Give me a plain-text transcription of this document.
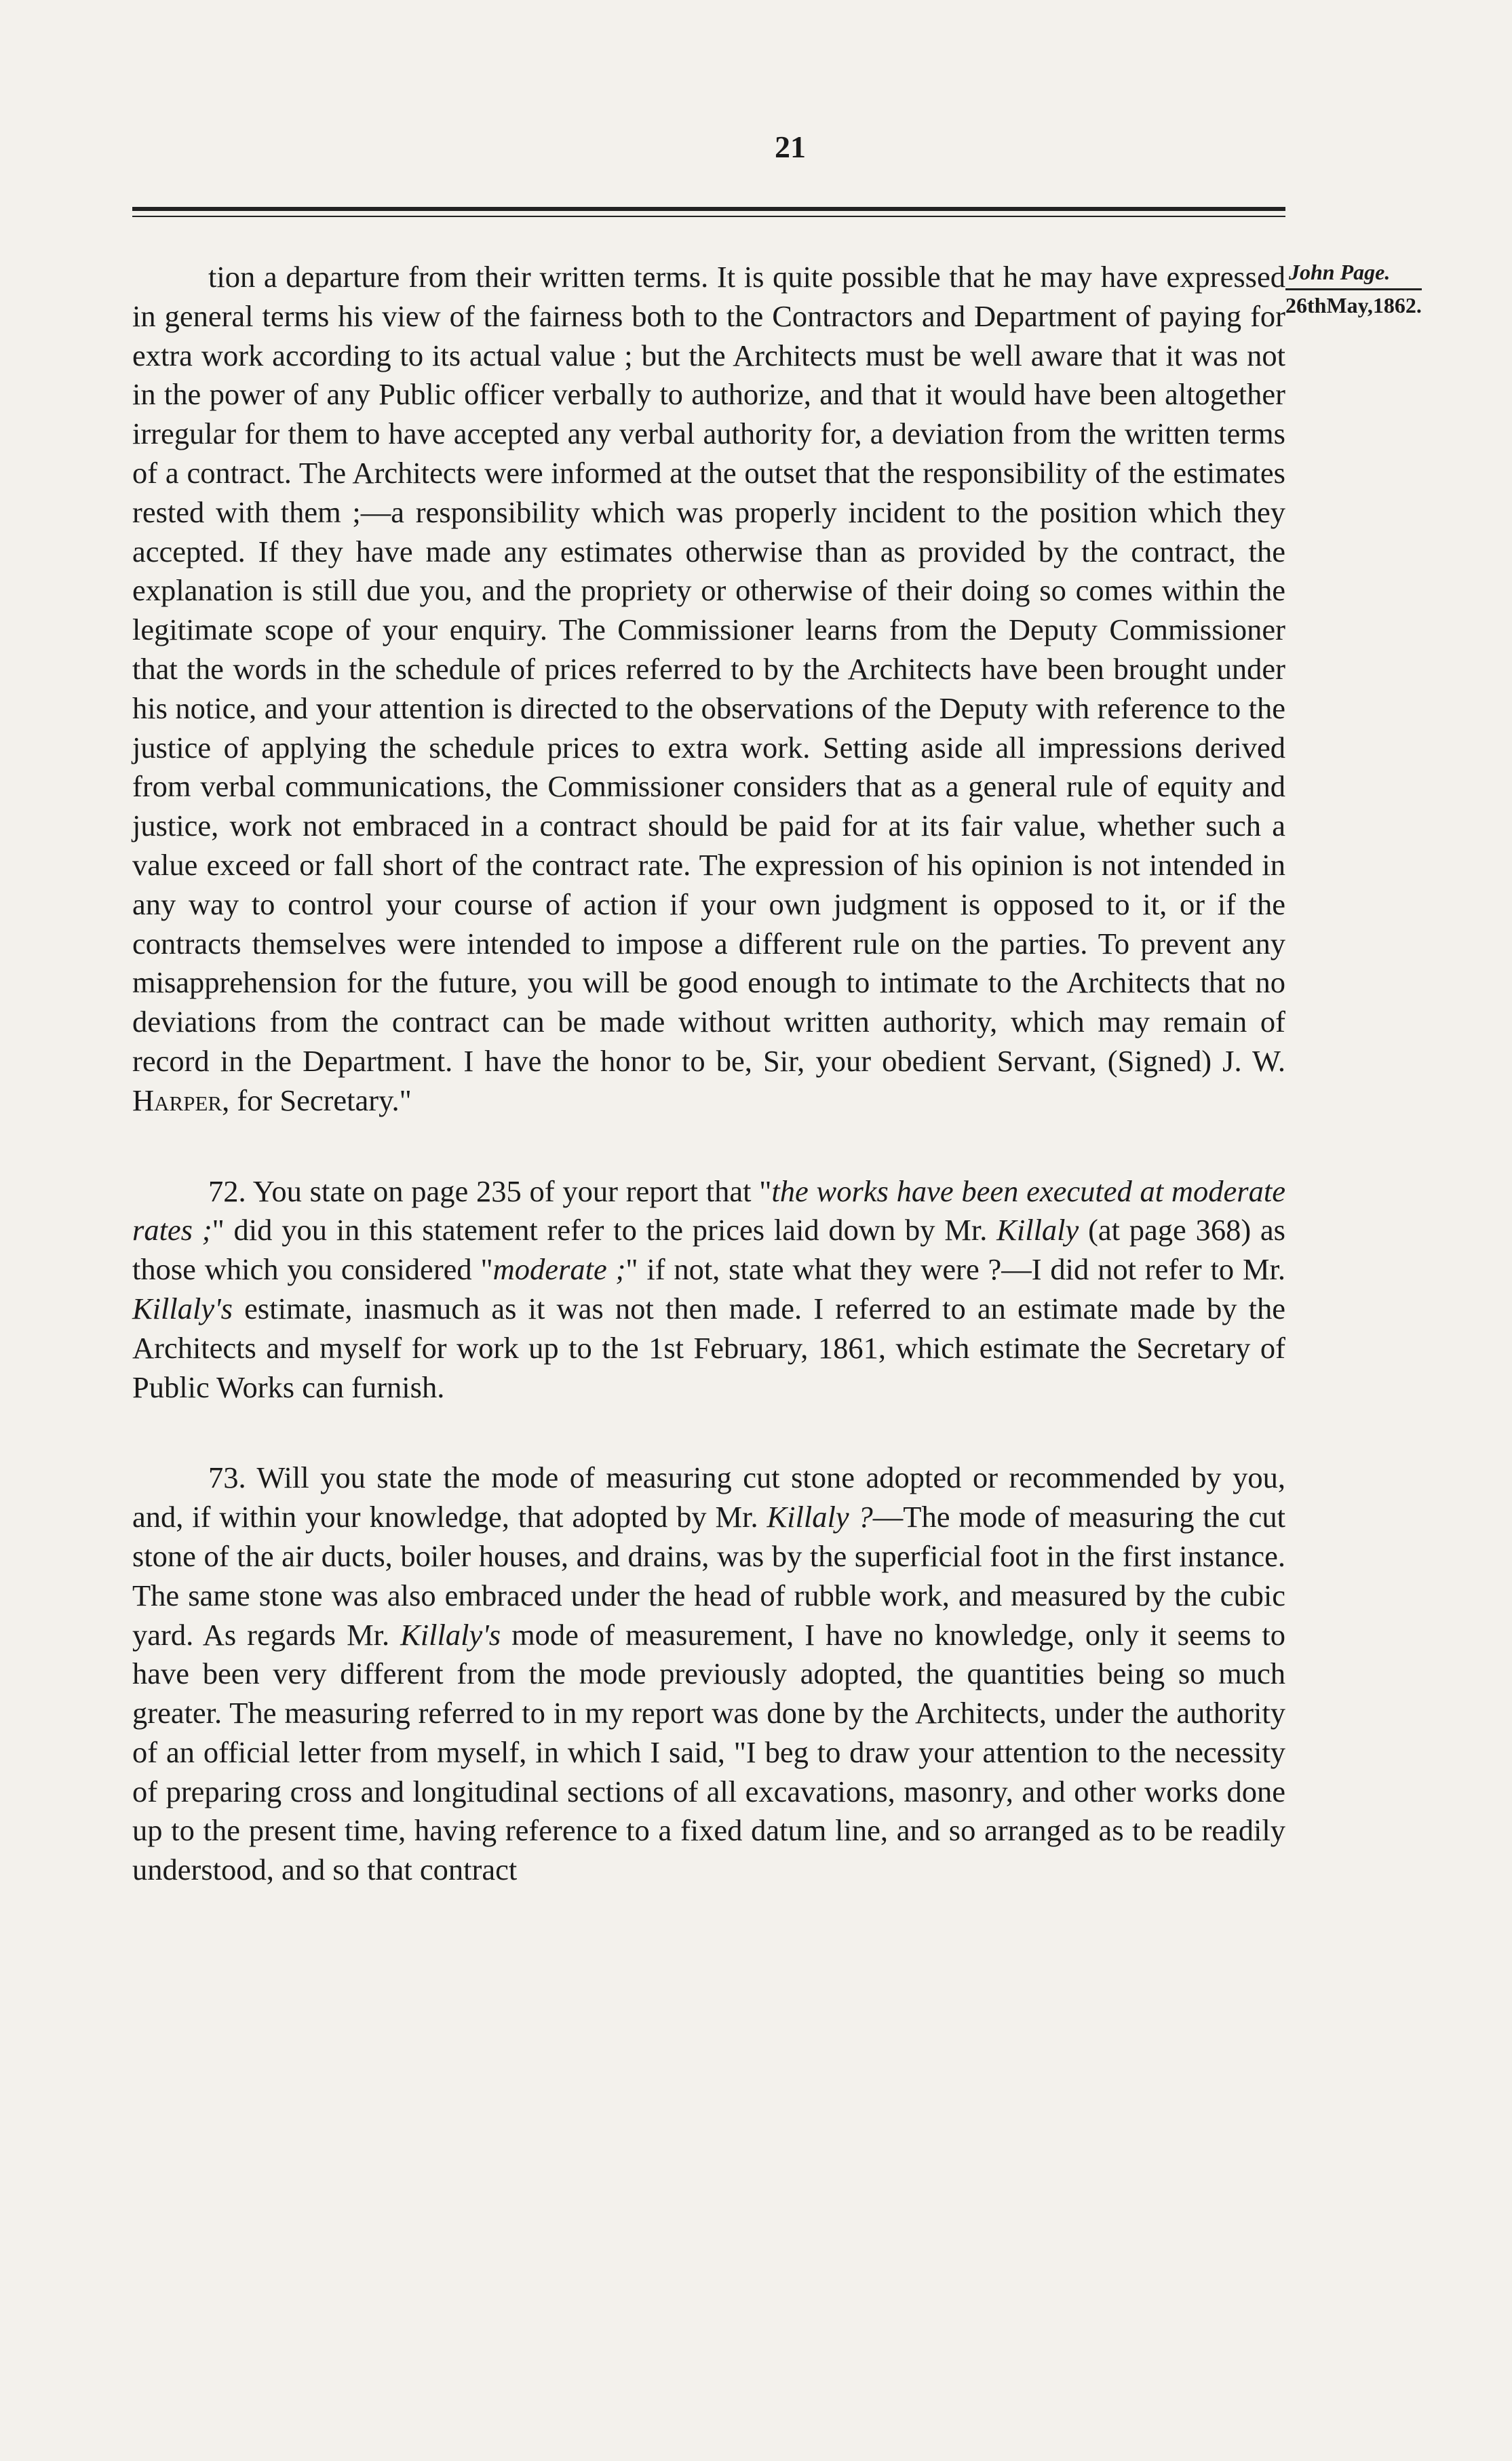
21
John Page.
26thMay,1862.

tion a departure from their written terms. It is quite possible that he may have expressed in general terms his view of the fairness both to the Contractors and Department of paying for extra work according to its actual value ; but the Architects must be well aware that it was not in the power of any Public officer verbally to authorize, and that it would have been altogether irregular for them to have accepted any verbal authority for, a deviation from the written terms of a contract. The Architects were informed at the outset that the responsibility of the estimates rested with them ;—a responsibility which was properly incident to the position which they accepted. If they have made any estimates otherwise than as provided by the contract, the explanation is still due you, and the propriety or otherwise of their doing so comes within the legitimate scope of your enquiry. The Commissioner learns from the Deputy Commissioner that the words in the schedule of prices referred to by the Architects have been brought under his notice, and your attention is directed to the observations of the Deputy with reference to the justice of applying the schedule prices to extra work. Setting aside all impressions derived from verbal communications, the Commissioner considers that as a general rule of equity and justice, work not embraced in a contract should be paid for at its fair value, whether such a value exceed or fall short of the contract rate. The expression of his opinion is not intended in any way to control your course of action if your own judgment is opposed to it, or if the contracts themselves were intended to impose a different rule on the parties. To prevent any misapprehension for the future, you will be good enough to intimate to the Architects that no deviations from the contract can be made without written authority, which may remain of record in the Department. I have the honor to be, Sir, your obedient Servant, (Signed) J. W. Harper, for Secretary."

72. You state on page 235 of your report that "the works have been executed at moderate rates ;" did you in this statement refer to the prices laid down by Mr. Killaly (at page 368) as those which you considered "moderate ;" if not, state what they were ?—I did not refer to Mr. Killaly's estimate, inasmuch as it was not then made. I referred to an estimate made by the Architects and myself for work up to the 1st February, 1861, which estimate the Secretary of Public Works can furnish.

73. Will you state the mode of measuring cut stone adopted or recommended by you, and, if within your knowledge, that adopted by Mr. Killaly ?—The mode of measuring the cut stone of the air ducts, boiler houses, and drains, was by the superficial foot in the first instance. The same stone was also embraced under the head of rubble work, and measured by the cubic yard. As regards Mr. Killaly's mode of measurement, I have no knowledge, only it seems to have been very different from the mode previously adopted, the quantities being so much greater. The measuring referred to in my report was done by the Architects, under the authority of an official letter from myself, in which I said, "I beg to draw your attention to the necessity of preparing cross and longitudinal sections of all excavations, masonry, and other works done up to the present time, having reference to a fixed datum line, and so arranged as to be readily understood, and so that contract
